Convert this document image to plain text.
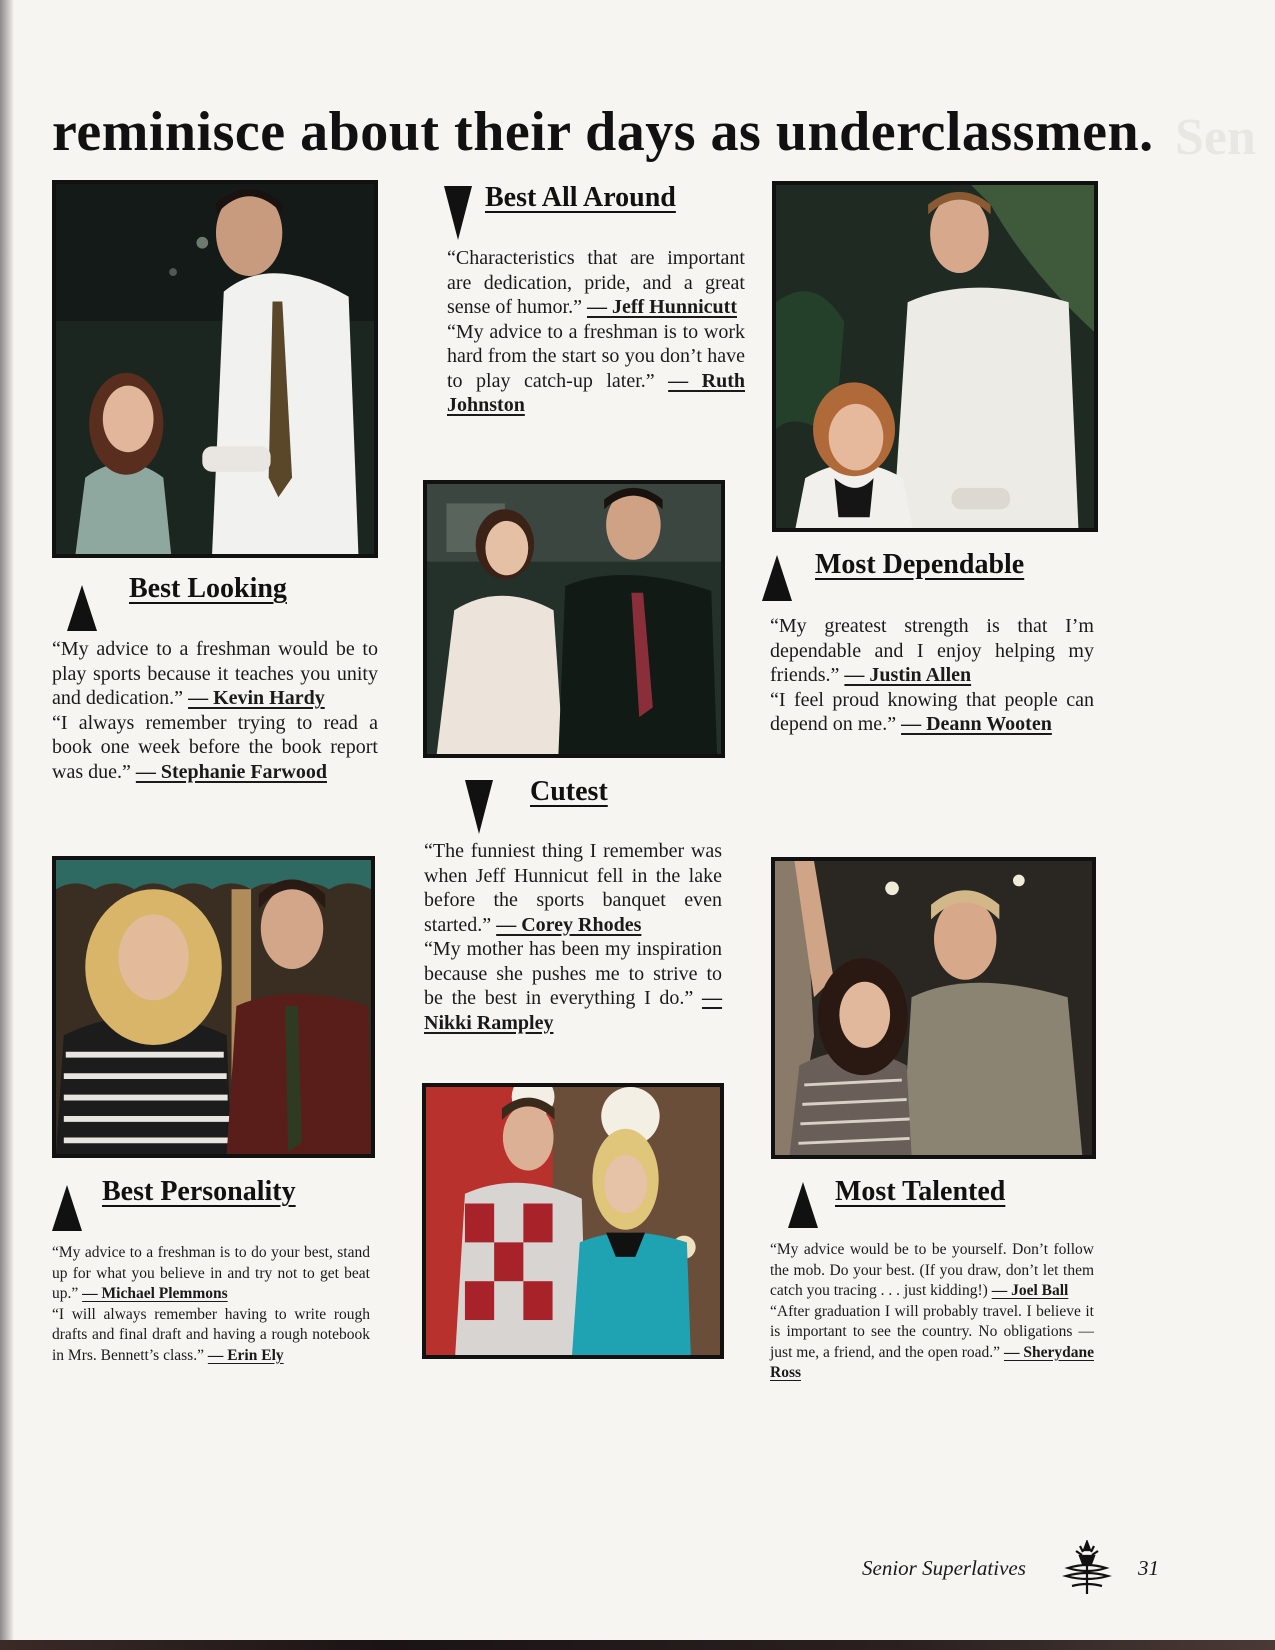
Sen
reminisce about their days as underclassmen.
Best Looking

“My advice to a freshman would be to play sports because it teaches you unity and dedication.” — Kevin Hardy

“I always remember trying to read a book one week before the book report was due.” — Stephanie Farwood

Best Personality

“My advice to a freshman is to do your best, stand up for what you believe in and try not to get beat up.” — Michael Plemmons

“I will always remember having to write rough drafts and final draft and having a rough notebook in Mrs. Bennett’s class.” — Erin Ely

Best All Around

“Characteristics that are important are dedication, pride, and a great sense of humor.” — Jeff Hunnicutt

“My advice to a freshman is to work hard from the start so you don’t have to play catch-up later.” — Ruth Johnston

Cutest

“The funniest thing I remember was when Jeff Hunnicut fell in the lake before the sports banquet even started.” — Corey Rhodes

“My mother has been my inspiration because she pushes me to strive to be the best in everything I do.” — Nikki Rampley

Most Dependable

“My greatest strength is that I’m dependable and I enjoy helping my friends.” — Justin Allen

“I feel proud knowing that people can depend on me.” — Deann Wooten

Most Talented

“My advice would be to be yourself. Don’t follow the mob. Do your best. (If you draw, don’t let them catch you tracing . . . just kidding!) — Joel Ball

“After graduation I will probably travel. I believe it is important to see the country. No obligations — just me, a friend, and the open road.” — Sherydane Ross

Senior Superlatives	31
